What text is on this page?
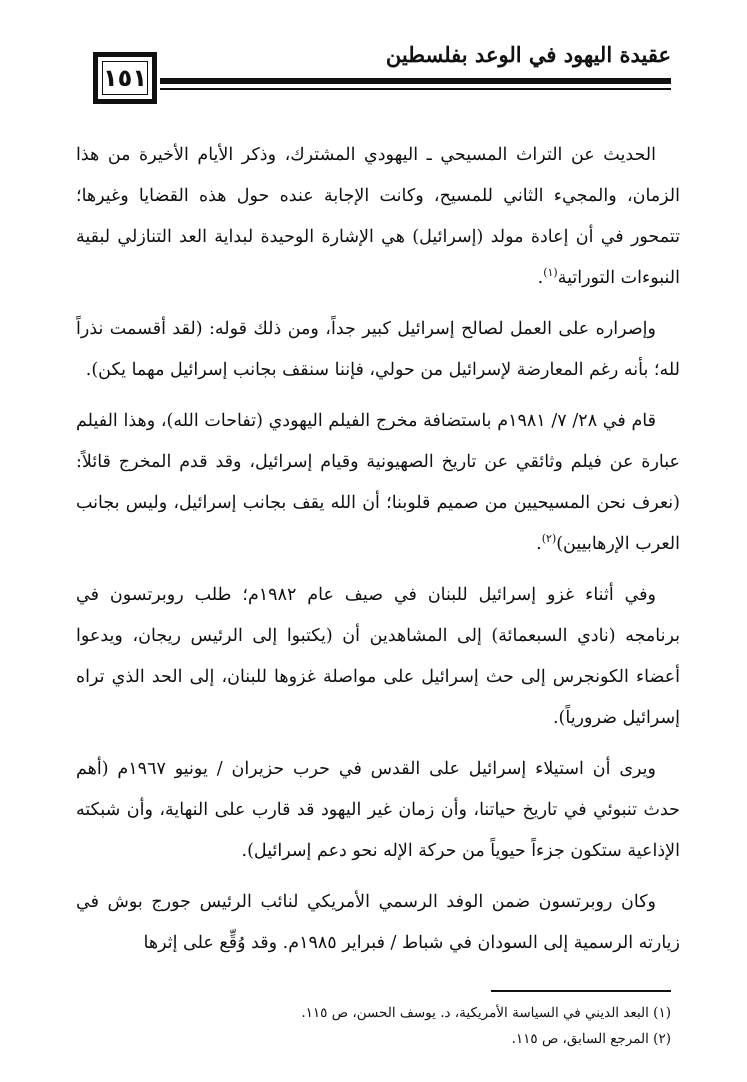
عقيدة اليهود في الوعد بفلسطين
١٥١

الحديث عن التراث المسيحي ـ اليهودي المشترك، وذكر الأيام الأخيرة من هذا الزمان، والمجيء الثاني للمسيح، وكانت الإجابة عنده حول هذه القضايا وغيرها؛ تتمحور في أن إعادة مولد (إسرائيل) هي الإشارة الوحيدة لبداية العد التنازلي لبقية النبوءات التوراتية$^{(١)}$.

وإصراره على العمل لصالح إسرائيل كبير جداً، ومن ذلك قوله: (لقد أقسمت نذراً لله؛ بأنه رغم المعارضة لإسرائيل من حولي، فإننا سنقف بجانب إسرائيل مهما يكن).

قام في ٢٨/ ٧/ ١٩٨١م باستضافة مخرج الفيلم اليهودي (تفاحات الله)، وهذا الفيلم عبارة عن فيلم وثائقي عن تاريخ الصهيونية وقيام إسرائيل، وقد قدم المخرج قائلاً: (نعرف نحن المسيحيين من صميم قلوبنا؛ أن الله يقف بجانب إسرائيل، وليس بجانب العرب الإرهابيين)$^{(٢)}$.

وفي أثناء غزو إسرائيل للبنان في صيف عام ١٩٨٢م؛ طلب روبرتسون في برنامجه (نادي السبعمائة) إلى المشاهدين أن (يكتبوا إلى الرئيس ريجان، ويدعوا أعضاء الكونجرس إلى حث إسرائيل على مواصلة غزوها للبنان، إلى الحد الذي تراه إسرائيل ضرورياً).

ويرى أن استيلاء إسرائيل على القدس في حرب حزيران / يونيو ١٩٦٧م (أهم حدث تنبوئي في تاريخ حياتنا، وأن زمان غير اليهود قد قارب على النهاية، وأن شبكته الإذاعية ستكون جزءاً حيوياً من حركة الإله نحو دعم إسرائيل).

وكان روبرتسون ضمن الوفد الرسمي الأمريكي لنائب الرئيس جورج بوش في زيارته الرسمية إلى السودان في شباط / فبراير ١٩٨٥م. وقد وُقِّع على إثرها

(١) البعد الديني في السياسة الأمريكية، د. يوسف الحسن، ص ١١٥.

(٢) المرجع السابق، ص ١١٥.
